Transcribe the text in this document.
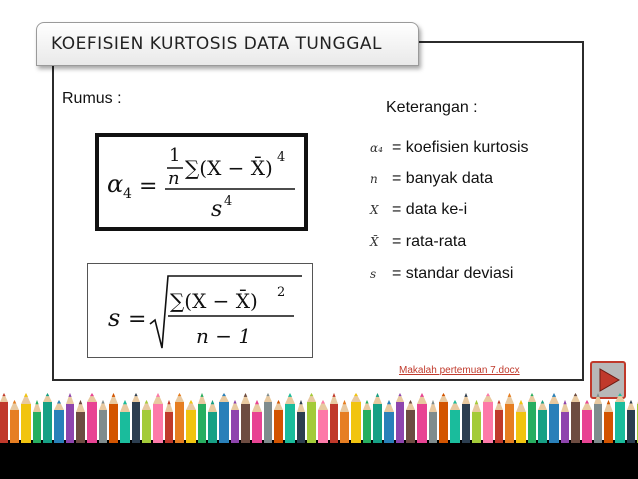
KOEFISIEN KURTOSIS DATA TUNGGAL
Rumus :
α 4 =
1
n ∑(X − X̄) 4
s 4
s =
∑(X − X̄) 2
n − 1
Keterangan :
α₄ = koefisien kurtosis
n = banyak data
X = data ke-i
X̄ = rata-rata
s = standar deviasi
Makalah pertemuan 7.docx
